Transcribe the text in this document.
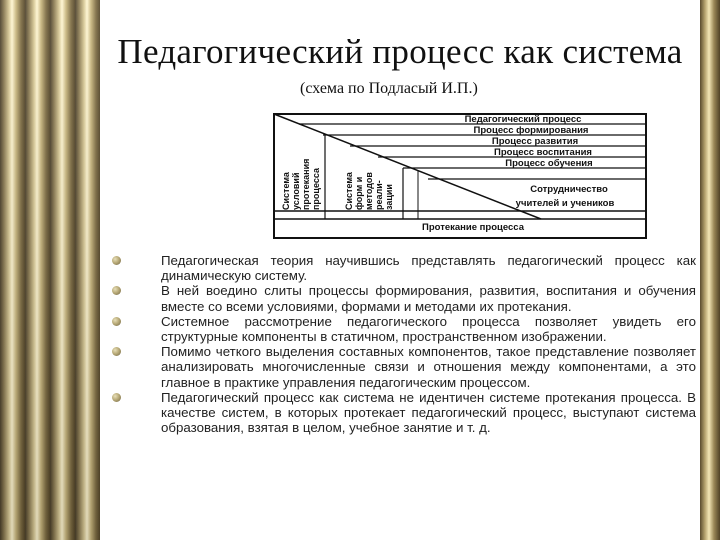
Педагогический процесс как система
(схема по Подласый И.П.)
Педагогический процесс
Процесс формирования
Процесс развития
Процесс воспитания
Процесс обучения
Сотрудничество
учителей и учеников
Протекание процесса
Система условий протекания процесса	Система форм и методов реали- зации
Педагогическая теория научившись представлять педагогический процесс как динамическую систему.
В ней воедино слиты процессы формирования, развития, воспитания и обучения вместе со всеми условиями, формами и методами их протекания.
Системное рассмотрение педагогического процесса позволяет увидеть его структурные компоненты в статичном, пространственном изображении.
Помимо четкого выделения составных компонентов, такое представление позволяет анализировать многочисленные связи и отношения между компонентами, а это главное в практике управления педагогическим процессом.
Педагогический процесс как система не идентичен системе протекания процесса. В качестве систем, в которых протекает педагогический процесс, выступают система образования, взятая в целом, учебное занятие и т. д.
